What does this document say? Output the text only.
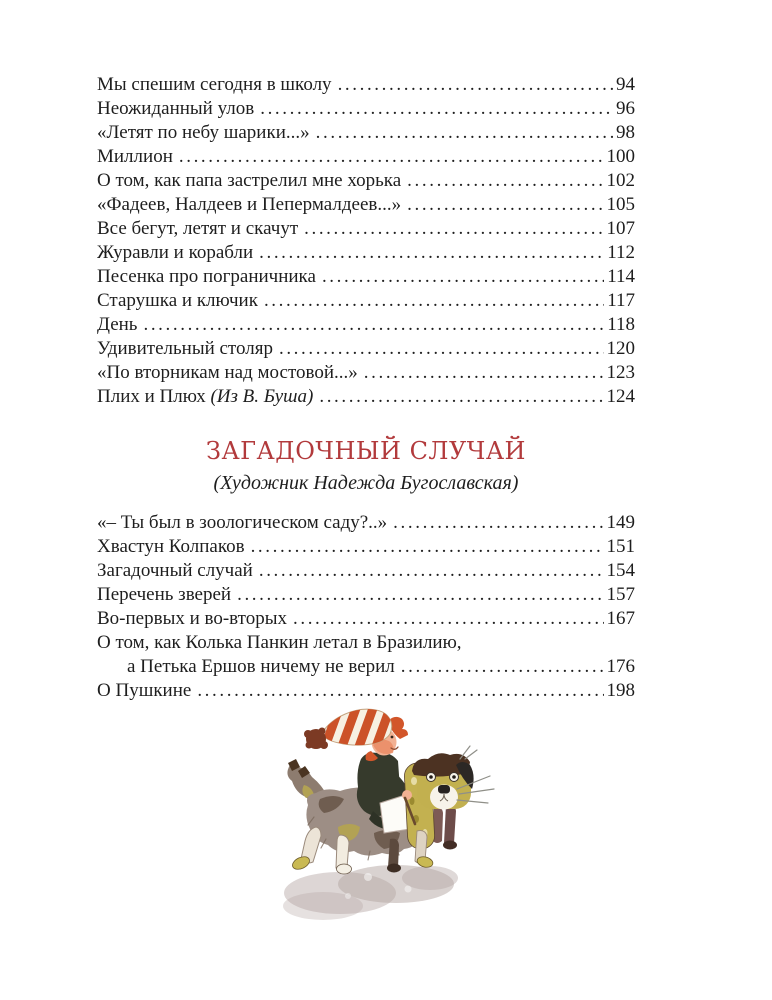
Мы спешим сегодня в школу .....	94
Неожиданный улов .....	96
«Летят по небу шарики...» .....	98
Миллион .....	100
О том, как папа застрелил мне хорька .....	102
«Фадеев, Налдеев и Пепермалдеев...» .....	105
Все бегут, летят и скачут .....	107
Журавли и корабли .....	112
Песенка про пограничника .....	114
Старушка и ключик .....	117
День .....	118
Удивительный столяр .....	120
«По вторникам над мостовой...» .....	123
Плих и Плюх (Из В. Буша) .....	124
ЗАГАДОЧНЫЙ СЛУЧАЙ
(Художник Надежда Бугославская)
«– Ты был в зоологическом саду?..» .....	149
Хвастун Колпаков .....	151
Загадочный случай .....	154
Перечень зверей .....	157
Во-первых и во-вторых .....	167
О том, как Колька Панкин летал в Бразилию,
а Петька Ершов ничему не верил .....	176
О Пушкине .....	198
